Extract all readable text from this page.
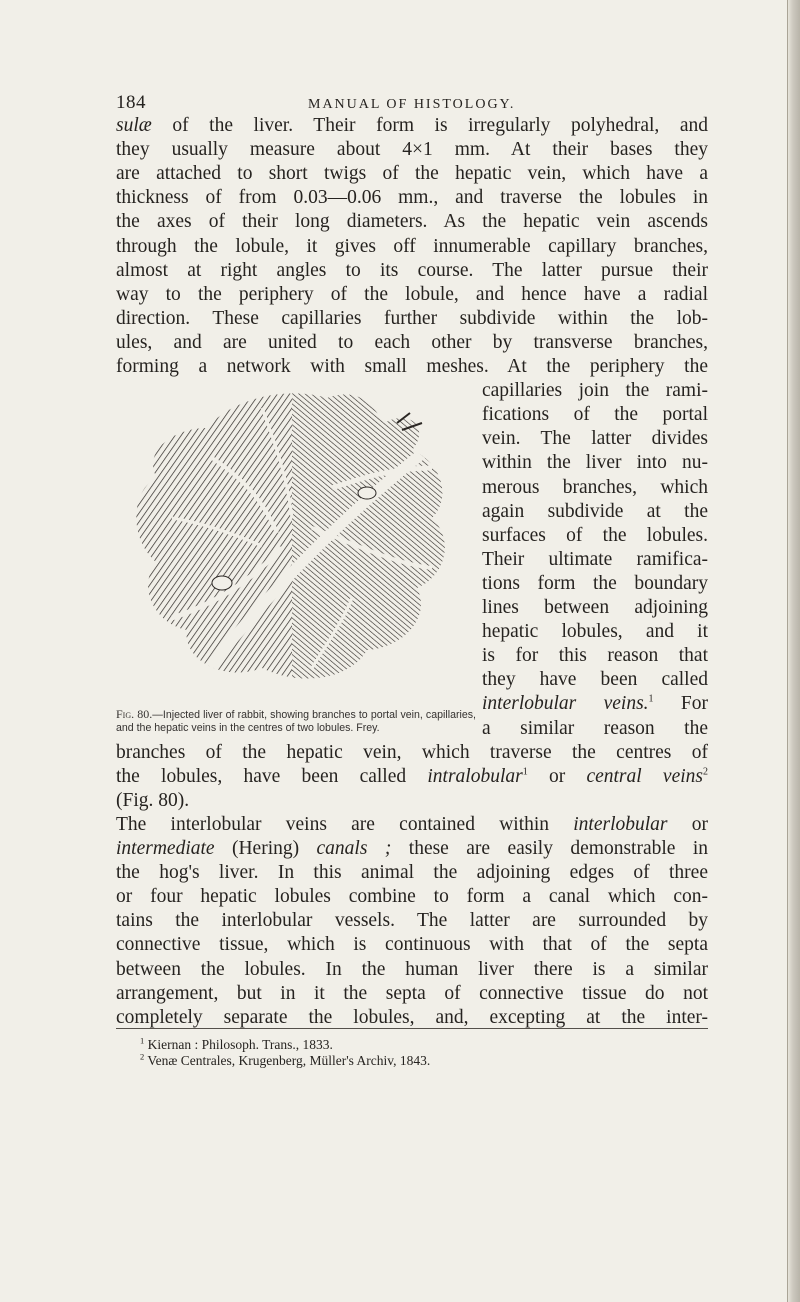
184	MANUAL OF HISTOLOGY.
sulæ of the liver. Their form is irregularly polyhedral, and
they usually measure about 4×1 mm. At their bases they
are attached to short twigs of the hepatic vein, which have a
thickness of from 0.03—0.06 mm., and traverse the lobules in
the axes of their long diameters. As the hepatic vein ascends
through the lobule, it gives off innumerable capillary branches,
almost at right angles to its course. The latter pursue their
way to the periphery of the lobule, and hence have a radial
direction. These capillaries further subdivide within the lob-
ules, and are united to each other by transverse branches,
forming a network with small meshes. At the periphery the
capillaries join the rami-
fications of the portal
vein. The latter divides
within the liver into nu-
merous branches, which
again subdivide at the
surfaces of the lobules.
Their ultimate ramifica-
tions form the boundary
lines between adjoining
hepatic lobules, and it
is for this reason that
they have been called
interlobular veins.$^1$ For
a similar reason the
branches of the hepatic vein, which traverse the centres of
the lobules, have been called intralobular$^1$ or central veins$^2$
(Fig. 80).
The interlobular veins are contained within interlobular or
intermediate (Hering) canals ; these are easily demonstrable in
the hog's liver. In this animal the adjoining edges of three
or four hepatic lobules combine to form a canal which con-
tains the interlobular vessels. The latter are surrounded by
connective tissue, which is continuous with that of the septa
between the lobules. In the human liver there is a similar
arrangement, but in it the septa of connective tissue do not
completely separate the lobules, and, excepting at the inter-
Fig. 80.—Injected liver of rabbit, showing branches to portal vein, capillaries, and the hepatic veins in the centres of two lobules. Frey.
$^1$ Kiernan : Philosoph. Trans., 1833.
$^2$ Venæ Centrales, Krugenberg, Müller's Archiv, 1843.
